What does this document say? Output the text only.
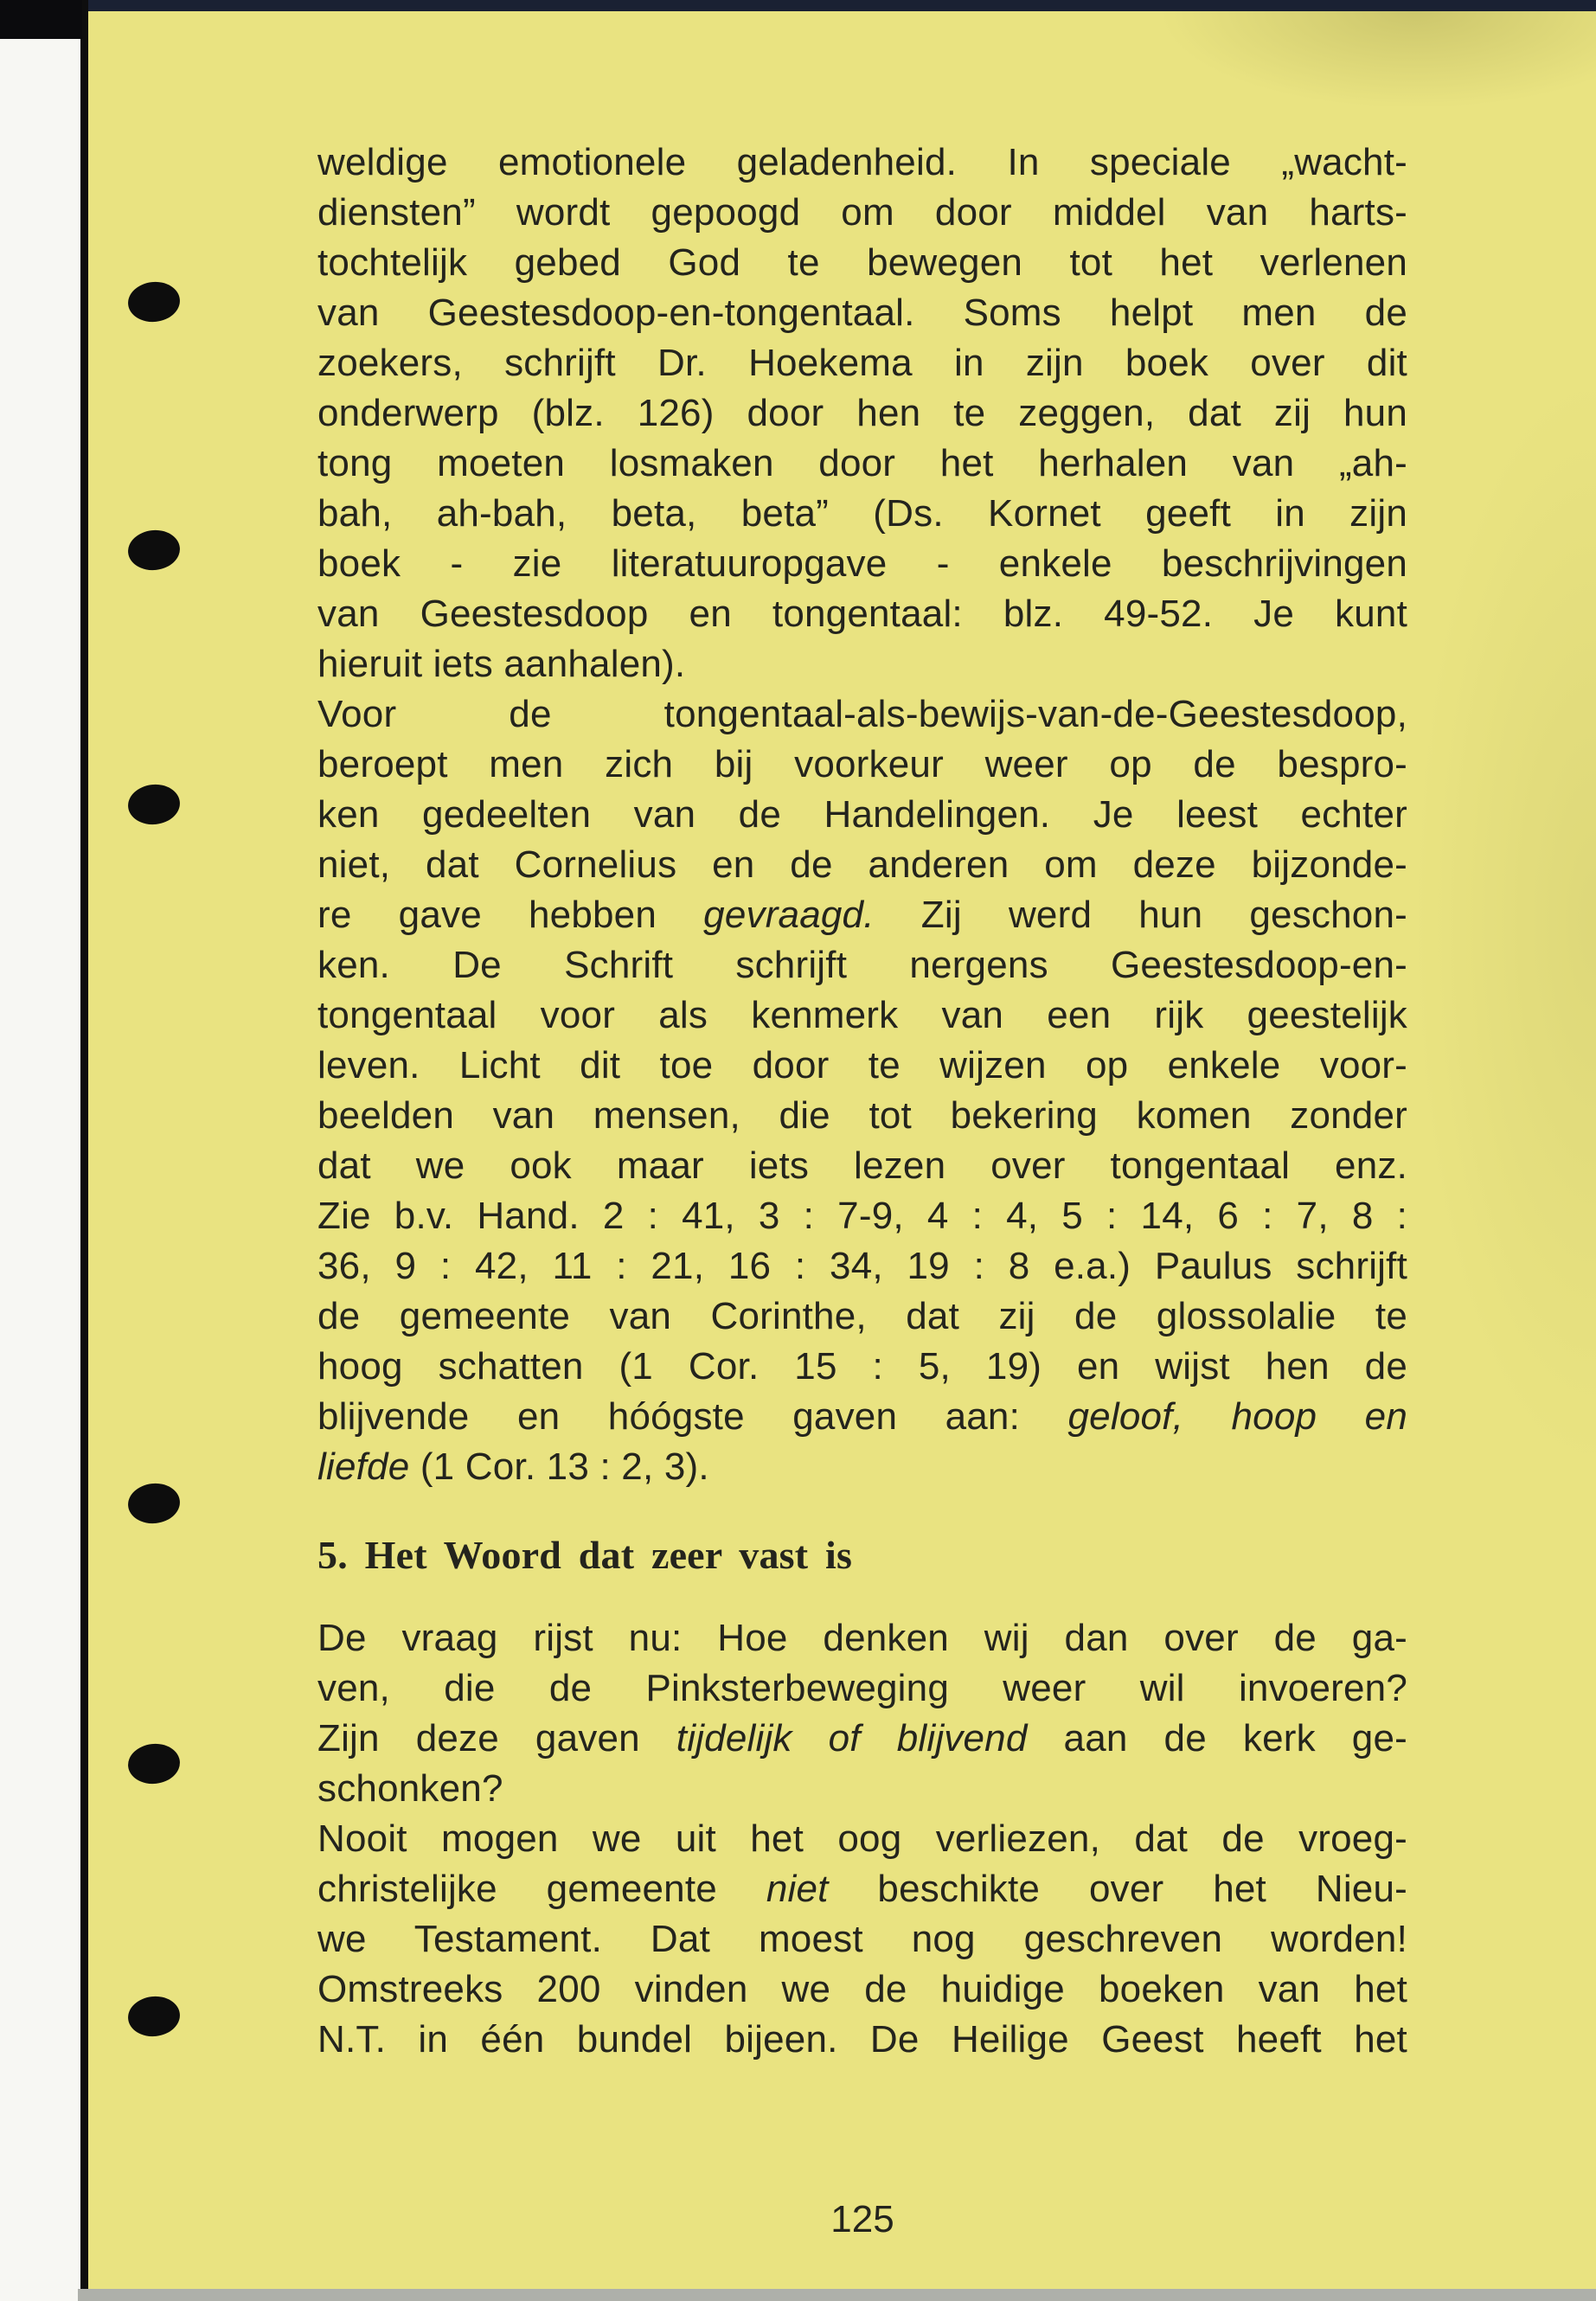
weldige emotionele geladenheid. In speciale „wacht-
diensten” wordt gepoogd om door middel van harts-
tochtelijk gebed God te bewegen tot het verlenen
van Geestesdoop-en-tongentaal. Soms helpt men de
zoekers, schrijft Dr. Hoekema in zijn boek over dit
onderwerp (blz. 126) door hen te zeggen, dat zij hun
tong moeten losmaken door het herhalen van „ah-
bah, ah-bah, beta, beta” (Ds. Kornet geeft in zijn
boek - zie literatuuropgave - enkele beschrijvingen
van Geestesdoop en tongentaal: blz. 49-52. Je kunt
hieruit iets aanhalen).
Voor de tongentaal-als-bewijs-van-de-Geestesdoop,
beroept men zich bij voorkeur weer op de bespro-
ken gedeelten van de Handelingen. Je leest echter
niet, dat Cornelius en de anderen om deze bijzonde-
re gave hebben gevraagd. Zij werd hun geschon-
ken. De Schrift schrijft nergens Geestesdoop-en-
tongentaal voor als kenmerk van een rijk geestelijk
leven. Licht dit toe door te wijzen op enkele voor-
beelden van mensen, die tot bekering komen zonder
dat we ook maar iets lezen over tongentaal enz.
Zie b.v. Hand. 2 : 41, 3 : 7-9, 4 : 4, 5 : 14, 6 : 7, 8 :
36, 9 : 42, 11 : 21, 16 : 34, 19 : 8 e.a.) Paulus schrijft
de gemeente van Corinthe, dat zij de glossolalie te
hoog schatten (1 Cor. 15 : 5, 19) en wijst hen de
blijvende en hóógste gaven aan: geloof, hoop en
liefde (1 Cor. 13 : 2, 3).
5. Het Woord dat zeer vast is
De vraag rijst nu: Hoe denken wij dan over de ga-
ven, die de Pinksterbeweging weer wil invoeren?
Zijn deze gaven tijdelijk of blijvend aan de kerk ge-
schonken?
Nooit mogen we uit het oog verliezen, dat de vroeg-
christelijke gemeente niet beschikte over het Nieu-
we Testament. Dat moest nog geschreven worden!
Omstreeks 200 vinden we de huidige boeken van het
N.T. in één bundel bijeen. De Heilige Geest heeft het
125
